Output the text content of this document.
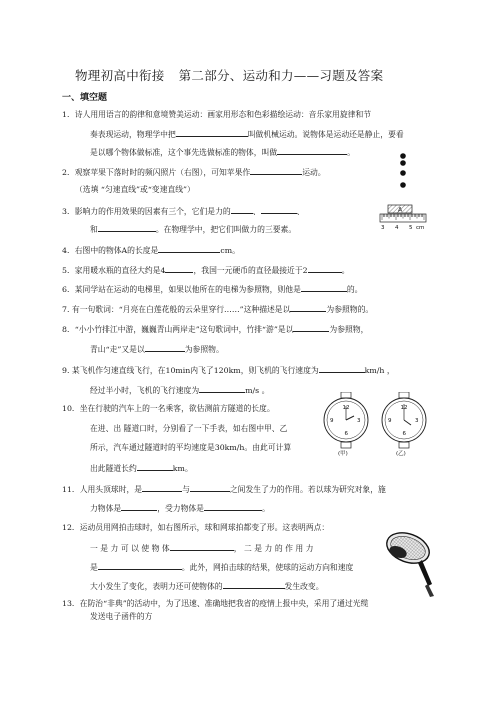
物理初高中衔接 第二部分、运动和力——习题及答案
一、填空题
1．诗人用用语言的韵律和意境赞美运动：画家用形态和色彩描绘运动：音乐家用旋律和节
奏表现运动，物理学中把	叫做机械运动。说物体是运动还是静止，要看
是以哪个物体做标准，这个事先选做标准的物体，叫做	。
2．观察苹果下落时时的频闪照片（右图），可知苹果作	运动。
（选填 “匀速直线”或“变速直线”）
3．影响力的作用效果的因素有三个，它们是力的	、	、
和	。在物理学中，把它们叫做力的三要素。
4．右图中的物体A的长度是	cm。
5．家用暖水瓶的直径大约是4	，我国一元硬币的直径最接近于2	。
6．某同学站在运动的电梯里，如果以他所在的电梯为参照物，则他是	的。
7. 有一句歌词：“月亮在白莲花般的云朵里穿行……”这种描述是以	为参照物的。
8．“小小竹排江中游，巍巍青山两岸走”这句歌词中，竹排“游”是以	为参照物，
青山“走”又是以	为参照物。
9. 某飞机作匀速直线飞行，在10min内飞了120km，则飞机的飞行速度为	km/h ，
经过半小时，飞机的飞行速度为	m/s 。
10．坐在行驶的汽车上的一名乘客，欲估测前方隧道的长度。
在进、出 隧道口时，分别看了一下手表，如右图中甲、乙
所示，汽车通过隧道时的平均速度是30km/h。由此可计算
出此隧道长约	km。
11．人用头顶球时，是	与	之间发生了力的作用。若以球为研究对象，施
力物体是	，受力物体是	。
12．运动员用网拍击球时，如右图所示，球和网球拍都变了形。这表明两点：
一 是 力 可 以 使 物 体	， 二 是 力 的 作 用 力
是	。此外，网拍击球的结果，使球的运动方向和速度
大小发生了变化，表明力还可使物体的	发生改变。
13．在防治“非典”的活动中，为了迅速、准确地把我省的疫情上报中央，采用了通过光缆
发送电子函件的方
A
3 4 5 cm
12
3
6
9
(甲)
12
3
6
9
(乙)
